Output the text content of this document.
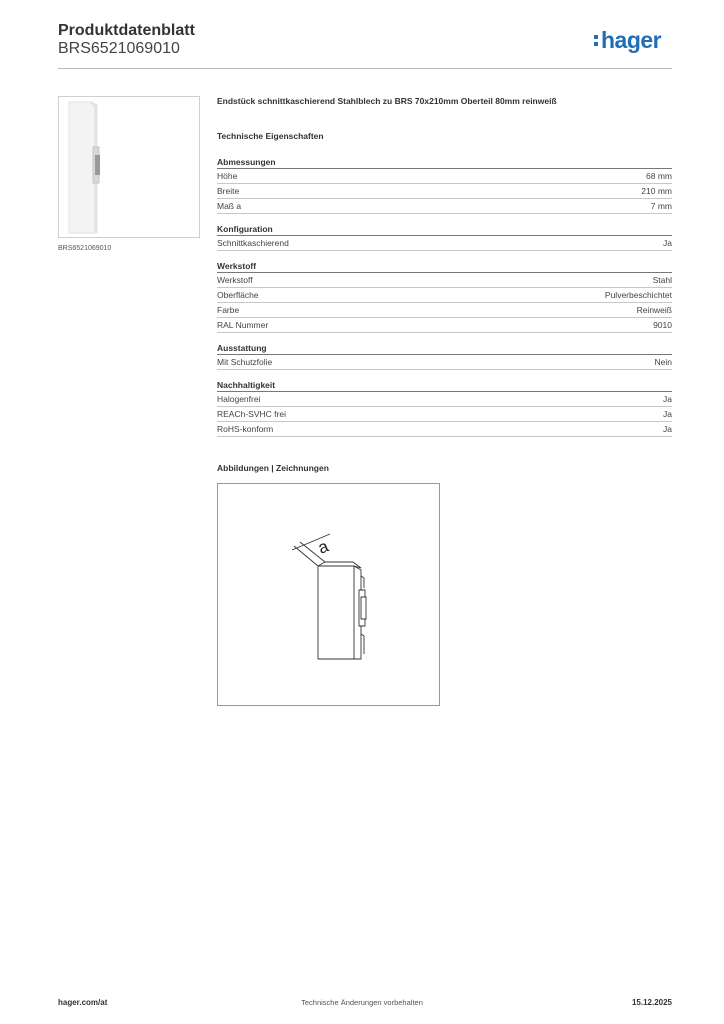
Produktdatenblatt
BRS6521069010	hager
BRS6521069010
Endstück schnittkaschierend Stahlblech zu BRS 70x210mm Oberteil 80mm reinweiß
Technische Eigenschaften
Abmessungen
Höhe	68 mm
Breite	210 mm
Maß a	7 mm
Konfiguration
Schnittkaschierend	Ja
Werkstoff
Werkstoff	Stahl
Oberfläche	Pulverbeschichtet
Farbe	Reinweiß
RAL Nummer	9010
Ausstattung
Mit Schutzfolie	Nein
Nachhaltigkeit
Halogenfrei	Ja
REACh-SVHC frei	Ja
RoHS-konform	Ja
Abbildungen | Zeichnungen
a
hager.com/at	Technische Änderungen vorbehalten	15.12.2025
